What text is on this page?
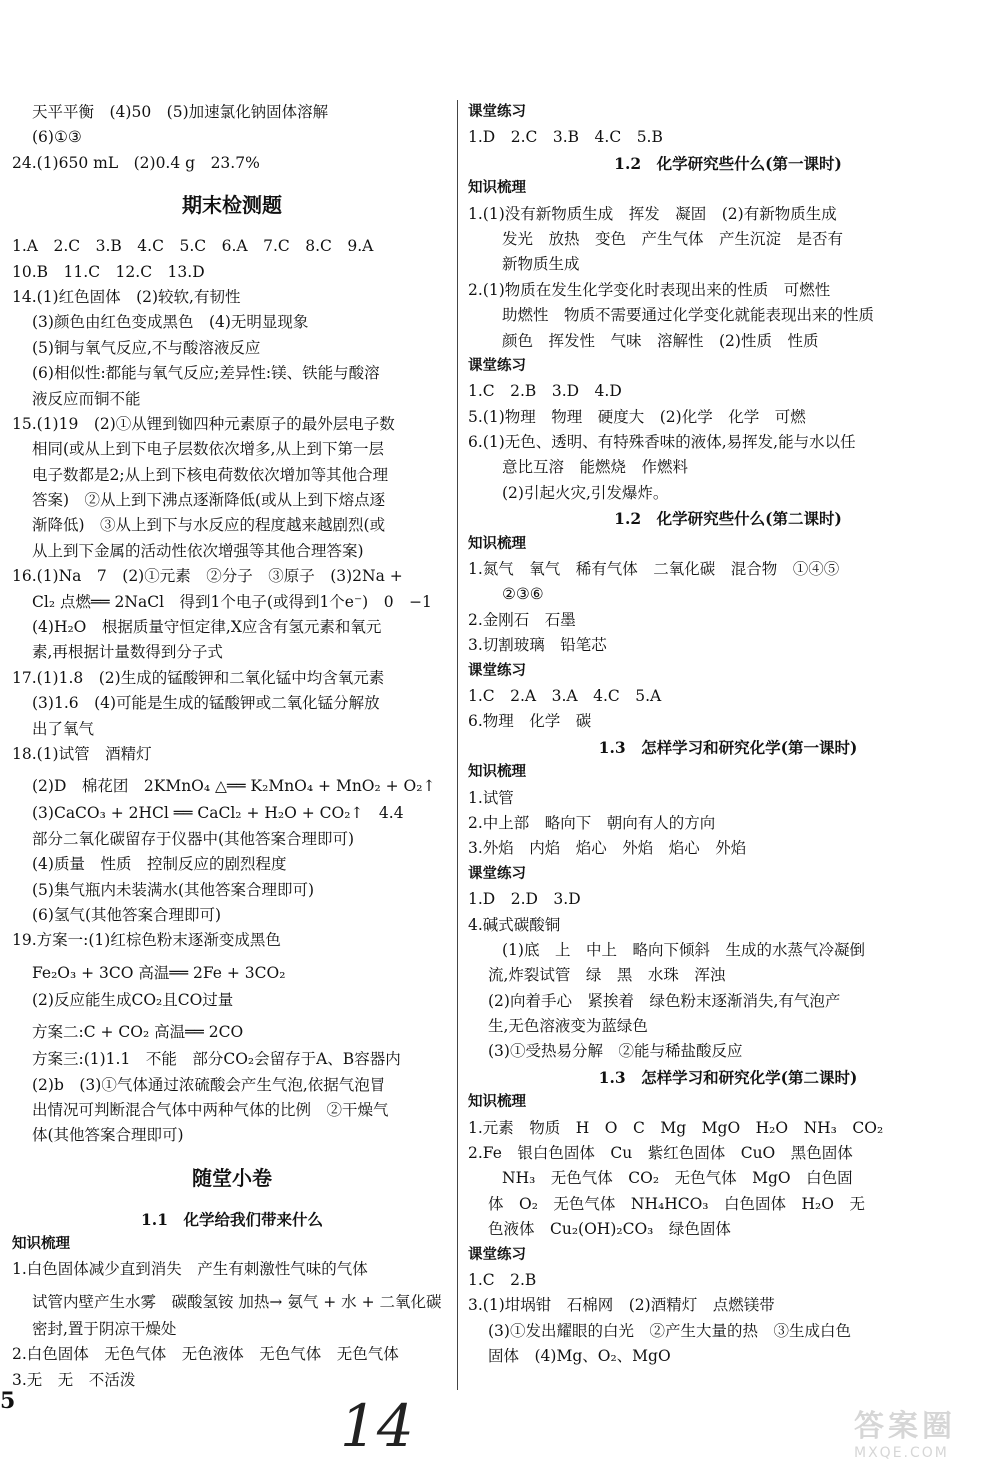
天平平衡　(4)50　(5)加速氯化钠固体溶解
(6)①③
24.(1)650 mL　(2)0.4 g　23.7%
期末检测题
1.A　2.C　3.B　4.C　5.C　6.A　7.C　8.C　9.A
10.B　11.C　12.C　13.D
14.(1)红色固体　(2)较软,有韧性
(3)颜色由红色变成黑色　(4)无明显现象
(5)铜与氧气反应,不与酸溶液反应
(6)相似性:都能与氧气反应;差异性:镁、铁能与酸溶
液反应而铜不能
15.(1)19　(2)①从锂到铷四种元素原子的最外层电子数
相同(或从上到下电子层数依次增多,从上到下第一层
电子数都是2;从上到下核电荷数依次增加等其他合理
答案)　②从上到下沸点逐渐降低(或从上到下熔点逐
渐降低)　③从上到下与水反应的程度越来越剧烈(或
从上到下金属的活动性依次增强等其他合理答案)
16.(1)Na　7　(2)①元素　②分子　③原子　(3)2Na +
Cl₂ 点燃══ 2NaCl　得到1个电子(或得到1个e⁻)　0　−1
(4)H₂O　根据质量守恒定律,X应含有氢元素和氧元
素,再根据计量数得到分子式
17.(1)1.8　(2)生成的锰酸钾和二氧化锰中均含氧元素
(3)1.6　(4)可能是生成的锰酸钾或二氧化锰分解放
出了氧气
18.(1)试管　酒精灯
(2)D　棉花团　2KMnO₄ △══ K₂MnO₄ + MnO₂ + O₂↑
(3)CaCO₃ + 2HCl ══ CaCl₂ + H₂O + CO₂↑　4.4
部分二氧化碳留存于仪器中(其他答案合理即可)
(4)质量　性质　控制反应的剧烈程度
(5)集气瓶内未装满水(其他答案合理即可)
(6)氢气(其他答案合理即可)
19.方案一:(1)红棕色粉末逐渐变成黑色
Fe₂O₃ + 3CO 高温══ 2Fe + 3CO₂
(2)反应能生成CO₂且CO过量
方案二:C + CO₂ 高温══ 2CO
方案三:(1)1.1　不能　部分CO₂会留存于A、B容器内
(2)b　(3)①气体通过浓硫酸会产生气泡,依据气泡冒
出情况可判断混合气体中两种气体的比例　②干燥气
体(其他答案合理即可)
随堂小卷
1.1　化学给我们带来什么
知识梳理
1.白色固体减少直到消失　产生有刺激性气味的气体
试管内壁产生水雾　碳酸氢铵 加热→ 氨气 + 水 + 二氧化碳
密封,置于阴凉干燥处
2.白色固体　无色气体　无色液体　无色气体　无色气体
3.无　无　不活泼
课堂练习
1.D　2.C　3.B　4.C　5.B
1.2　化学研究些什么(第一课时)
知识梳理
1.(1)没有新物质生成　挥发　凝固　(2)有新物质生成
发光　放热　变色　产生气体　产生沉淀　是否有
新物质生成
2.(1)物质在发生化学变化时表现出来的性质　可燃性
助燃性　物质不需要通过化学变化就能表现出来的性质
颜色　挥发性　气味　溶解性　(2)性质　性质
课堂练习
1.C　2.B　3.D　4.D
5.(1)物理　物理　硬度大　(2)化学　化学　可燃
6.(1)无色、透明、有特殊香味的液体,易挥发,能与水以任
意比互溶　能燃烧　作燃料
(2)引起火灾,引发爆炸。
1.2　化学研究些什么(第二课时)
知识梳理
1.氮气　氧气　稀有气体　二氧化碳　混合物　①④⑤
②③⑥
2.金刚石　石墨
3.切割玻璃　铅笔芯
课堂练习
1.C　2.A　3.A　4.C　5.A
6.物理　化学　碳
1.3　怎样学习和研究化学(第一课时)
知识梳理
1.试管
2.中上部　略向下　朝向有人的方向
3.外焰　内焰　焰心　外焰　焰心　外焰
课堂练习
1.D　2.D　3.D
4.碱式碳酸铜
(1)底　上　中上　略向下倾斜　生成的水蒸气冷凝倒
流,炸裂试管　绿　黑　水珠　浑浊
(2)向着手心　紧挨着　绿色粉末逐渐消失,有气泡产
生,无色溶液变为蓝绿色
(3)①受热易分解　②能与稀盐酸反应
1.3　怎样学习和研究化学(第二课时)
知识梳理
1.元素　物质　H　O　C　Mg　MgO　H₂O　NH₃　CO₂
2.Fe　银白色固体　Cu　紫红色固体　CuO　黑色固体
NH₃　无色气体　CO₂　无色气体　MgO　白色固
体　O₂　无色气体　NH₄HCO₃　白色固体　H₂O　无
色液体　Cu₂(OH)₂CO₃　绿色固体
课堂练习
1.C　2.B
3.(1)坩埚钳　石棉网　(2)酒精灯　点燃镁带
(3)①发出耀眼的白光　②产生大量的热　③生成白色
固体　(4)Mg、O₂、MgO
5	14	答案圈
MXQE.COM
